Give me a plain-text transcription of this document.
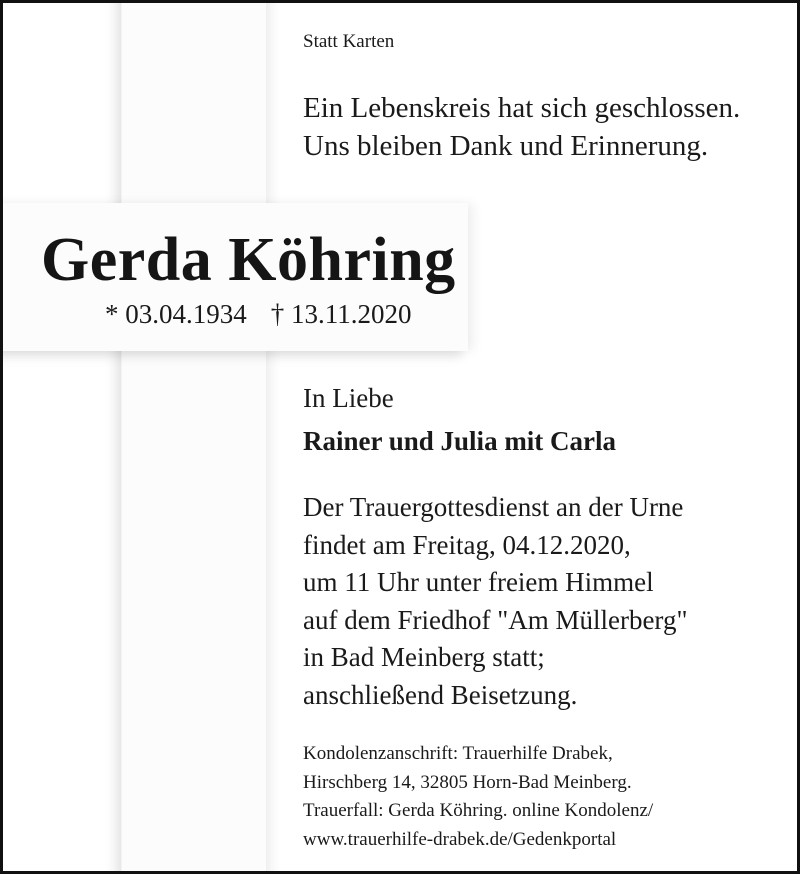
Statt Karten
Ein Lebenskreis hat sich geschlossen.
Uns bleiben Dank und Erinnerung.
Gerda Köhring
* 03.04.1934 † 13.11.2020
In Liebe
Rainer und Julia mit Carla
Der Trauergottesdienst an der Urne
findet am Freitag, 04.12.2020,
um 11 Uhr unter freiem Himmel
auf dem Friedhof "Am Müllerberg"
in Bad Meinberg statt;
anschließend Beisetzung.
Kondolenzanschrift: Trauerhilfe Drabek,
Hirschberg 14, 32805 Horn-Bad Meinberg.
Trauerfall: Gerda Köhring. online Kondolenz/
www.trauerhilfe-drabek.de/Gedenkportal
